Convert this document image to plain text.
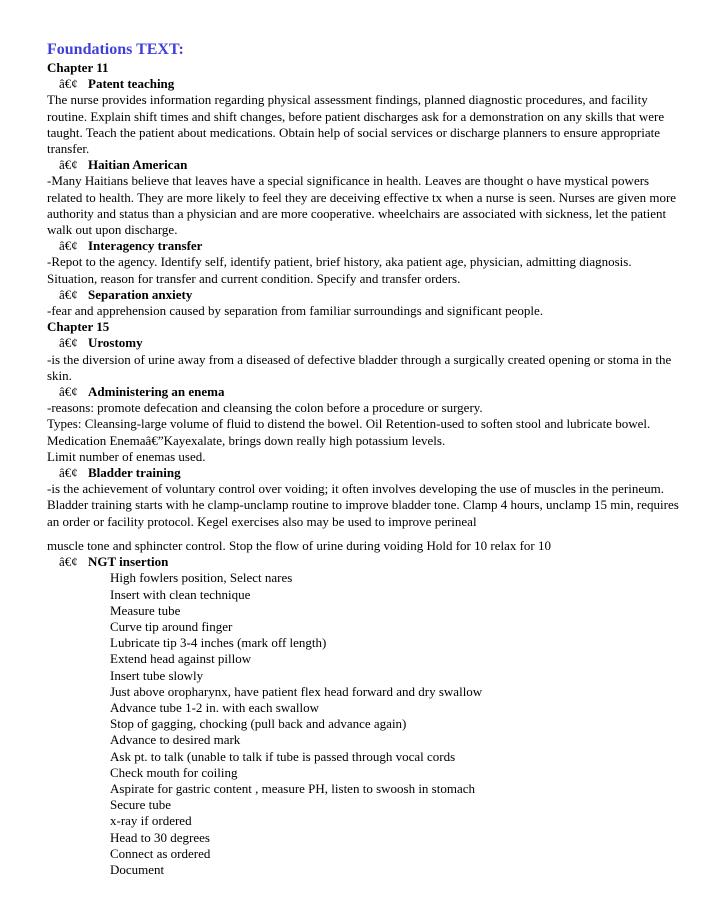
Foundations TEXT:
Chapter 11
â€¢ Patent teaching

The nurse provides information regarding physical assessment findings, planned diagnostic procedures, and facility routine. Explain shift times and shift changes, before patient discharges ask for a demonstration on any skills that were taught. Teach the patient about medications. Obtain help of social services or discharge planners to ensure appropriate transfer.

â€¢ Haitian American

-Many Haitians believe that leaves have a special significance in health. Leaves are thought o have mystical powers related to health. They are more likely to feel they are deceiving effective tx when a nurse is seen. Nurses are given more authority and status than a physician and are more cooperative. wheelchairs are associated with sickness, let the patient walk out upon discharge.

â€¢ Interagency transfer

-Repot to the agency. Identify self, identify patient, brief history, aka patient age, physician, admitting diagnosis. Situation, reason for transfer and current condition. Specify and transfer orders.

â€¢ Separation anxiety

-fear and apprehension caused by separation from familiar surroundings and significant people.

Chapter 15
â€¢ Urostomy

-is the diversion of urine away from a diseased of defective bladder through a surgically created opening or stoma in the skin.

â€¢ Administering an enema

-reasons: promote defecation and cleansing the colon before a procedure or surgery.

Types: Cleansing-large volume of fluid to distend the bowel. Oil Retention-used to soften stool and lubricate bowel. Medication Enemaâ€”Kayexalate, brings down really high potassium levels.

Limit number of enemas used.

â€¢ Bladder training

-is the achievement of voluntary control over voiding; it often involves developing the use of muscles in the perineum. Bladder training starts with he clamp-unclamp routine to improve bladder tone. Clamp 4 hours, unclamp 15 min, requires an order or facility protocol. Kegel exercises also may be used to improve perineal

muscle tone and sphincter control. Stop the flow of urine during voiding Hold for 10 relax for 10

â€¢ NGT insertion
High fowlers position, Select nares
Insert with clean technique
Measure tube
Curve tip around finger
Lubricate tip 3-4 inches (mark off length)
Extend head against pillow
Insert tube slowly
Just above oropharynx, have patient flex head forward and dry swallow
Advance tube 1-2 in. with each swallow
Stop of gagging, chocking (pull back and advance again)
Advance to desired mark
Ask pt. to talk (unable to talk if tube is passed through vocal cords
Check mouth for coiling
Aspirate for gastric content , measure PH, listen to swoosh in stomach
Secure tube
x-ray if ordered
Head to 30 degrees
Connect as ordered
Document
